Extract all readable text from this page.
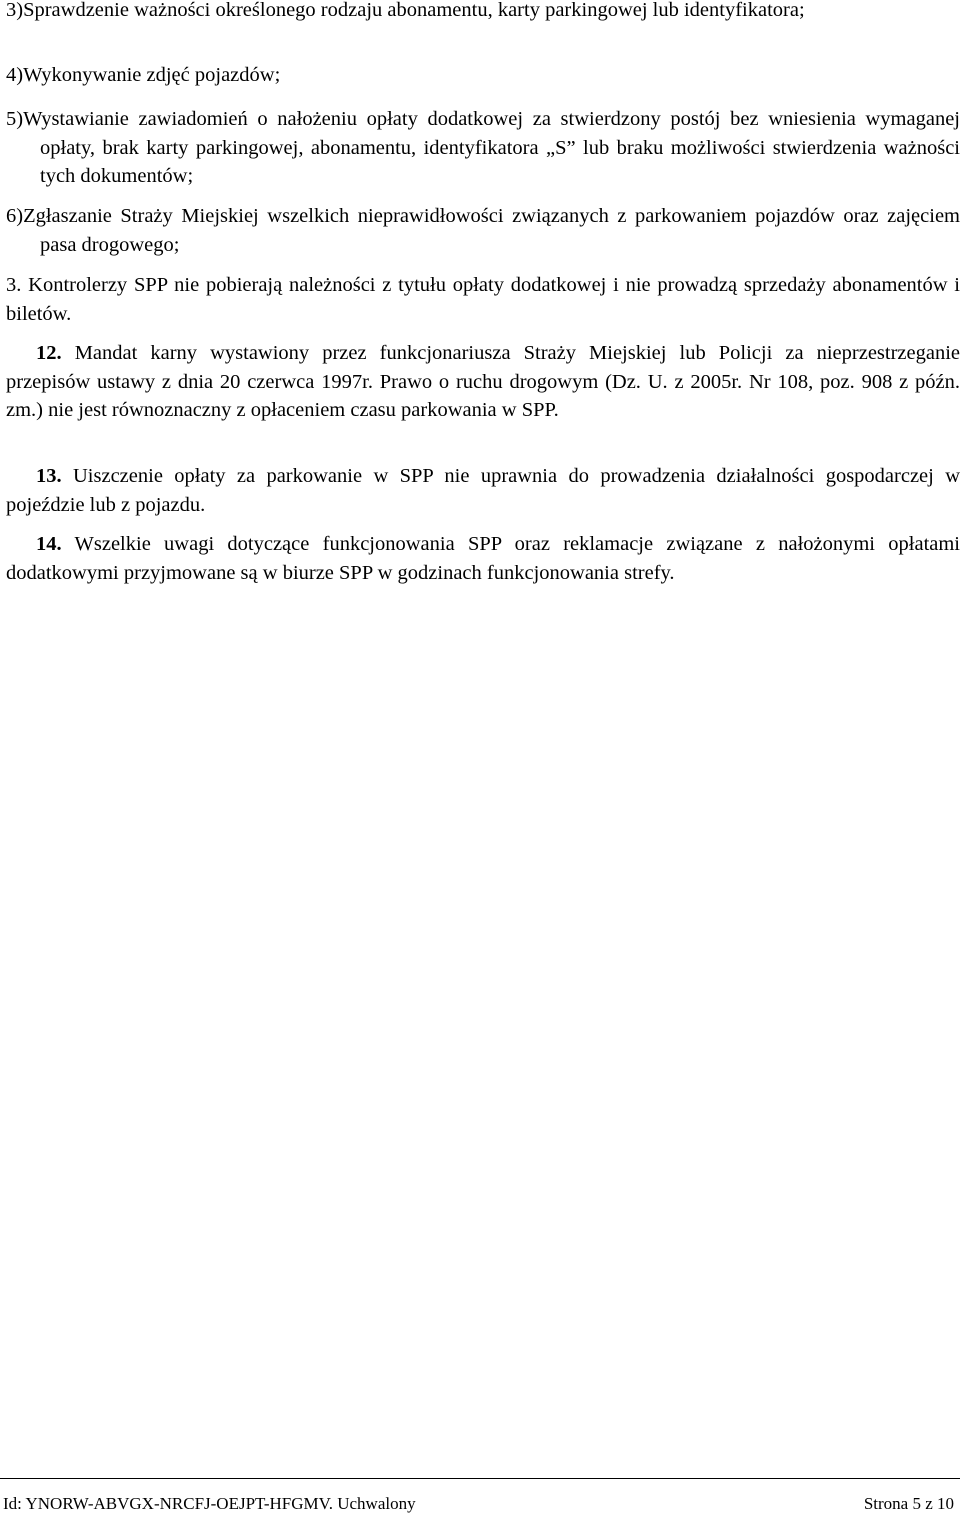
3)Sprawdzenie ważności określonego rodzaju abonamentu, karty parkingowej lub identyfikatora;

4)Wykonywanie zdjęć pojazdów;

5)Wystawianie zawiadomień o nałożeniu opłaty dodatkowej za stwierdzony postój bez wniesienia wymaganej opłaty, brak karty parkingowej, abonamentu, identyfikatora „S” lub braku możliwości stwierdzenia ważności tych dokumentów;

6)Zgłaszanie Straży Miejskiej wszelkich nieprawidłowości związanych z parkowaniem pojazdów oraz zajęciem pasa drogowego;

3. Kontrolerzy SPP nie pobierają należności z tytułu opłaty dodatkowej i nie prowadzą sprzedaży abonamentów i biletów.

12. Mandat karny wystawiony przez funkcjonariusza Straży Miejskiej lub Policji za nieprzestrzeganie przepisów ustawy z dnia 20 czerwca 1997r. Prawo o ruchu drogowym (Dz. U. z 2005r. Nr 108, poz. 908 z późn. zm.) nie jest równoznaczny z opłaceniem czasu parkowania w SPP.

13. Uiszczenie opłaty za parkowanie w SPP nie uprawnia do prowadzenia działalności gospodarczej w pojeździe lub z pojazdu.

14. Wszelkie uwagi dotyczące funkcjonowania SPP oraz reklamacje związane z nałożonymi opłatami dodatkowymi przyjmowane są w biurze SPP w godzinach funkcjonowania strefy.

Id: YNORW-ABVGX-NRCFJ-OEJPT-HFGMV. Uchwalony	Strona 5 z 10
